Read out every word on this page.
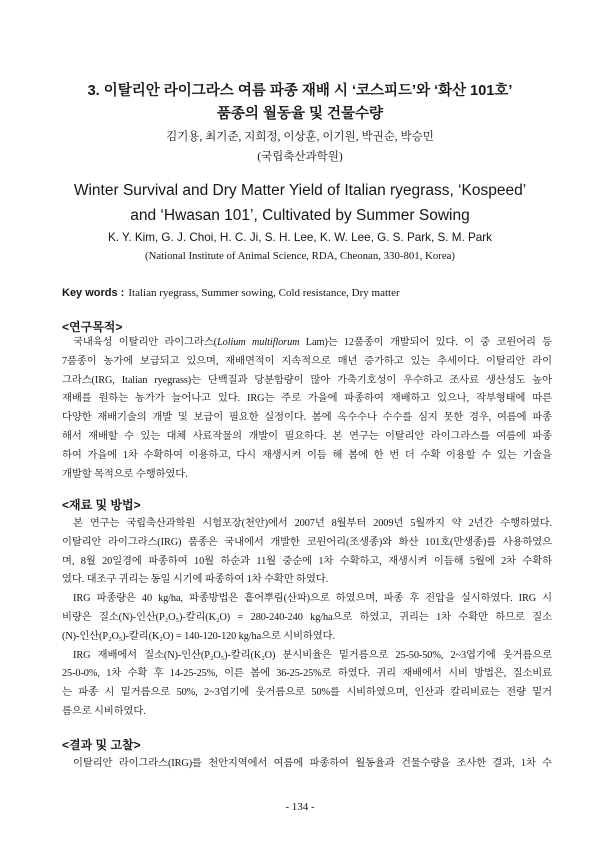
3. 이탈리안 라이그라스 여름 파종 재배 시 ‘코스피드’와 ‘화산 101호’
품종의 월동율 및 건물수량
김기용, 최기준, 지희정, 이상훈, 이기원, 박권순, 박승민
(국립축산과학원)
Winter Survival and Dry Matter Yield of Italian ryegrass, ‘Kospeed’
and ‘Hwasan 101’, Cultivated by Summer Sowing
K. Y. Kim, G. J. Choi, H. C. Ji, S. H. Lee, K. W. Lee, G. S. Park, S. M. Park
(National Institute of Animal Science, RDA, Cheonan, 330-801, Korea)
Key words : Italian ryegrass, Summer sowing, Cold resistance, Dry matter
<연구목적>
국내육성 이탈리안 라이그라스(Lolium multiflorum Lam)는 12품종이 개발되어 있다. 이 중 코윈어리 등
7품종이 농가에 보급되고 있으며, 재배면적이 지속적으로 매년 증가하고 있는 추세이다. 이탈리안 라이
그라스(IRG, Italian ryegrass)는 단백질과 당분함량이 많아 가축기호성이 우수하고 조사료 생산성도 높아
재배를 원하는 농가가 늘어나고 있다. IRG는 주로 가을에 파종하여 재배하고 있으나, 작부형태에 따른
다양한 재배기술의 개발 및 보급이 필요한 실정이다. 봄에 옥수수나 수수를 심지 못한 경우, 여름에 파종
해서 재배할 수 있는 대체 사료작물의 개발이 필요하다. 본 연구는 이탈리안 라이그라스를 여름에 파종
하여 가을에 1차 수확하여 이용하고, 다시 재생시켜 이듬 해 봄에 한 번 더 수확 이용할 수 있는 기술을
개발할 목적으로 수행하였다.
<재료 및 방법>
본 연구는 국립축산과학원 시험포장(천안)에서 2007년 8월부터 2009년 5월까지 약 2년간 수행하였다.
이탈리안 라이그라스(IRG) 품종은 국내에서 개발한 코윈어리(조생종)와 화산 101호(만생종)를 사용하였으
며, 8월 20일경에 파종하여 10월 하순과 11월 중순에 1차 수확하고, 재생시켜 이듬해 5월에 2차 수확하
였다. 대조구 귀리는 동일 시기에 파종하여 1차 수확만 하였다.
IRG 파종량은 40 kg/ha, 파종방법은 흩어뿌림(산파)으로 하였으며, 파종 후 진압을 실시하였다. IRG 시
비량은 질소(N)-인산(P₂O₅)-칼리(K₂O) = 280-240-240 kg/ha으로 하였고, 귀리는 1차 수확만 하므로 질소
(N)-인산(P₂O₅)-칼리(K₂O) = 140-120-120 kg/ha으로 시비하였다.
IRG 재배에서 질소(N)-인산(P₂O₅)-칼리(K₂O) 분시비율은 밑거름으로 25-50-50%, 2~3엽기에 웃거름으로
25-0-0%, 1차 수확 후 14-25-25%, 이른 봄에 36-25-25%로 하였다. 귀리 재배에서 시비 방법은, 질소비료
는 파종 시 밑거름으로 50%, 2~3엽기에 웃거름으로 50%를 시비하였으며, 인산과 칼리비료는 전량 밑거
름으로 시비하였다.
<결과 및 고찰>
이탈리안 라이그라스(IRG)를 천안지역에서 여름에 파종하여 월동율과 건물수량을 조사한 결과, 1차 수
- 134 -
